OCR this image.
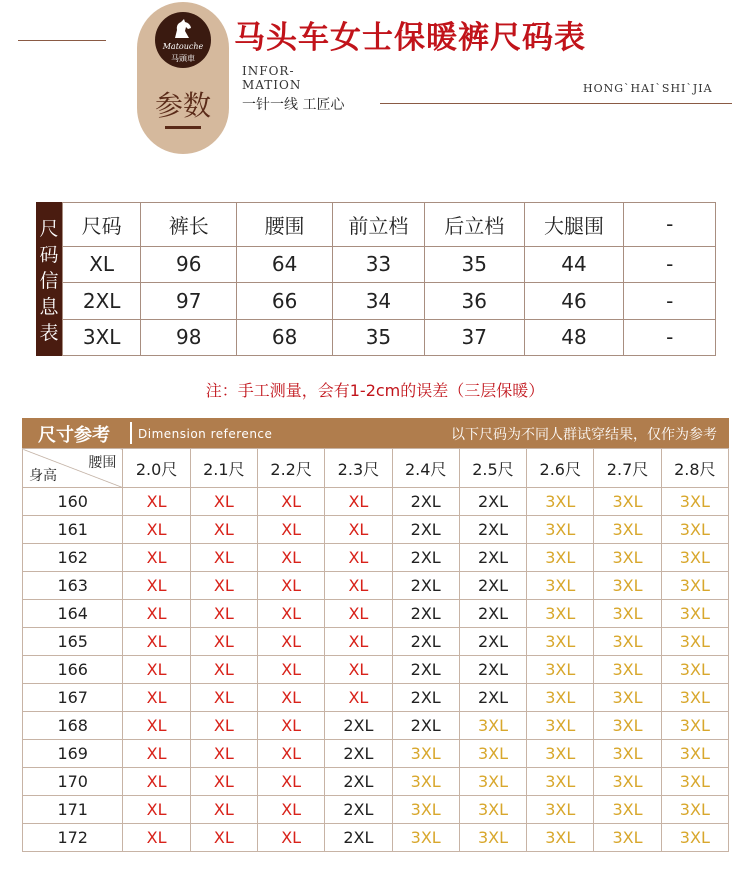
Matouche
马頭車
参数
马头车女士保暖裤尺码表
INFOR-
MATION
一针一线 工匠心
HONG`HAI`SHI`JIA
尺
码
信
息
表
尺码	裤长	腰围	前立档	后立档	大腿围	-
XL	96	64	33	35	44	-
2XL	97	66	34	36	46	-
3XL	98	68	35	37	48	-
注：手工测量，会有1-2cm的误差（三层保暖）
尺寸参考 Dimension reference	以下尺码为不同人群试穿结果，仅作为参考
腰围
身高	2.0尺	2.1尺	2.2尺	2.3尺	2.4尺	2.5尺	2.6尺	2.7尺	2.8尺
160	XL	XL	XL	XL	2XL	2XL	3XL	3XL	3XL
161	XL	XL	XL	XL	2XL	2XL	3XL	3XL	3XL
162	XL	XL	XL	XL	2XL	2XL	3XL	3XL	3XL
163	XL	XL	XL	XL	2XL	2XL	3XL	3XL	3XL
164	XL	XL	XL	XL	2XL	2XL	3XL	3XL	3XL
165	XL	XL	XL	XL	2XL	2XL	3XL	3XL	3XL
166	XL	XL	XL	XL	2XL	2XL	3XL	3XL	3XL
167	XL	XL	XL	XL	2XL	2XL	3XL	3XL	3XL
168	XL	XL	XL	2XL	2XL	3XL	3XL	3XL	3XL
169	XL	XL	XL	2XL	3XL	3XL	3XL	3XL	3XL
170	XL	XL	XL	2XL	3XL	3XL	3XL	3XL	3XL
171	XL	XL	XL	2XL	3XL	3XL	3XL	3XL	3XL
172	XL	XL	XL	2XL	3XL	3XL	3XL	3XL	3XL
